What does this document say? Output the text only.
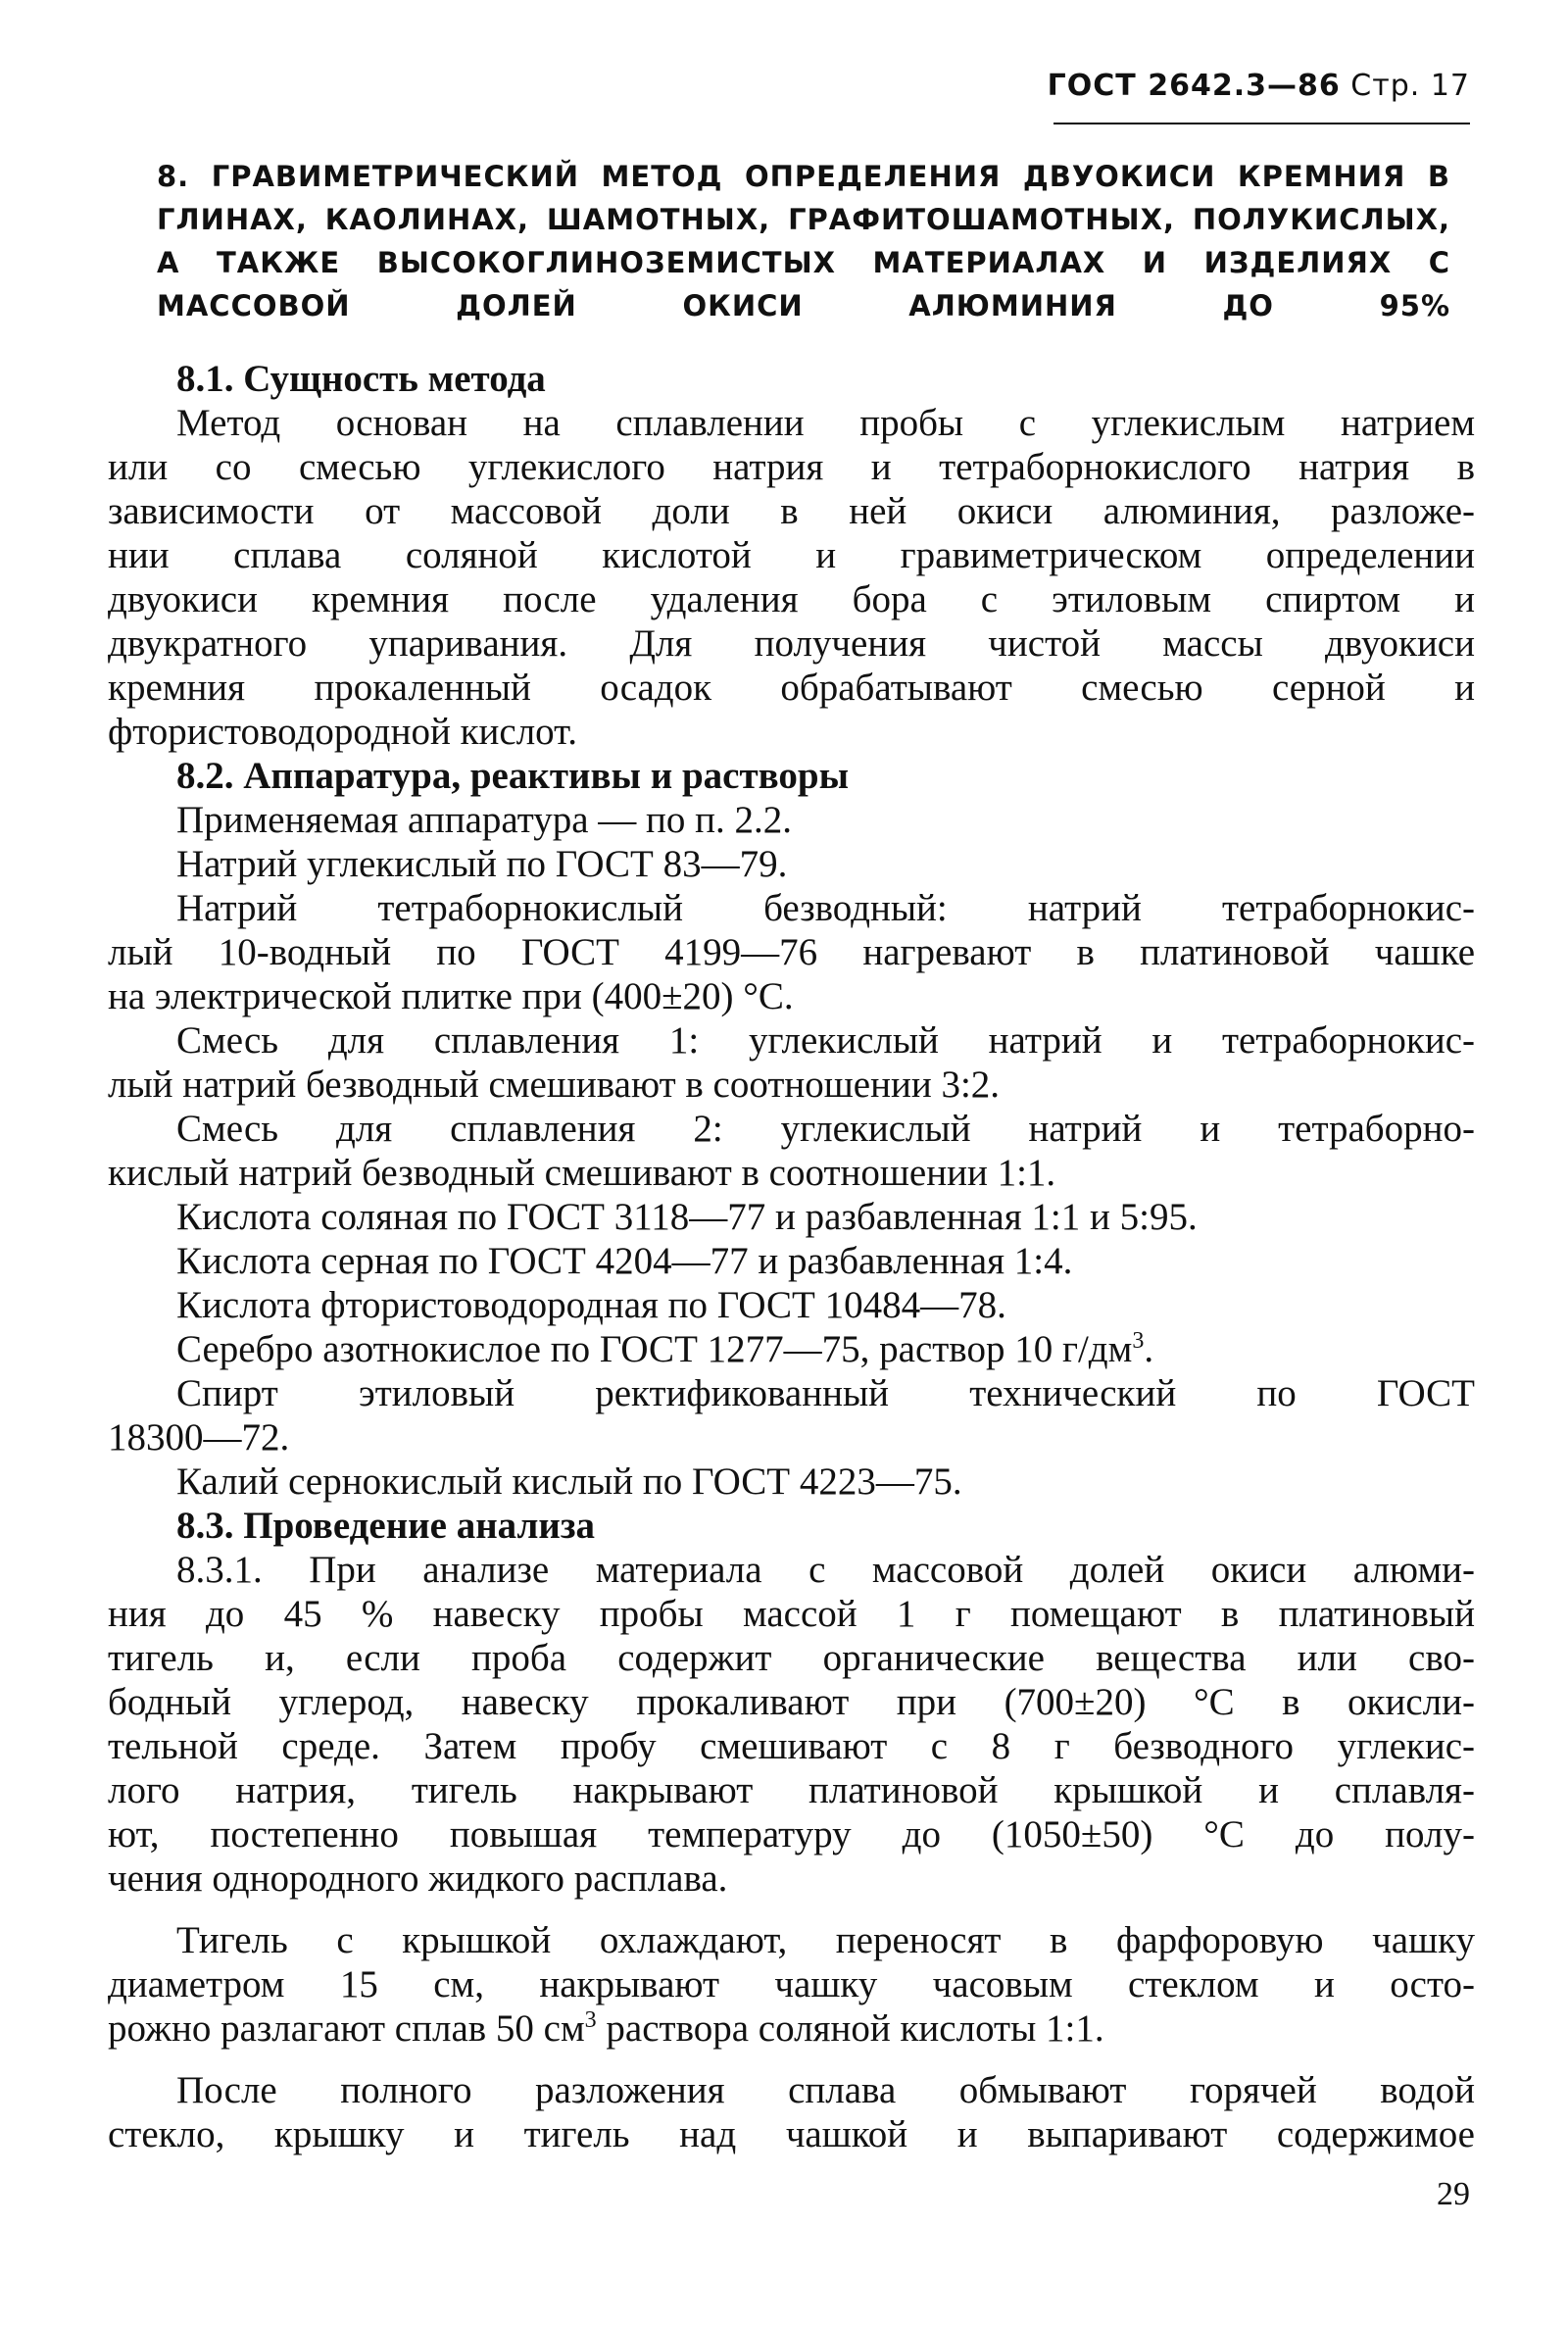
ГОСТ 2642.3—86 Стр. 17
8. ГРАВИМЕТРИЧЕСКИЙ МЕТОД ОПРЕДЕЛЕНИЯ ДВУОКИСИ КРЕМНИЯ В
ГЛИНАХ, КАОЛИНАХ, ШАМОТНЫХ, ГРАФИТОШАМОТНЫХ, ПОЛУКИСЛЫХ,
А ТАКЖЕ ВЫСОКОГЛИНОЗЕМИСТЫХ МАТЕРИАЛАХ И ИЗДЕЛИЯХ С
МАССОВОЙ ДОЛЕЙ ОКИСИ АЛЮМИНИЯ ДО 95%
8.1. Сущность метода
Метод основан на сплавлении пробы с углекислым натрием
или со смесью углекислого натрия и тетраборнокислого натрия в
зависимости от массовой доли в ней окиси алюминия, разложе-
нии сплава соляной кислотой и гравиметрическом определении
двуокиси кремния после удаления бора с этиловым спиртом и
двукратного упаривания. Для получения чистой массы двуокиси
кремния прокаленный осадок обрабатывают смесью серной и
фтористоводородной кислот.
8.2. Аппаратура, реактивы и растворы
Применяемая аппаратура — по п. 2.2.
Натрий углекислый по ГОСТ 83—79.
Натрий тетраборнокислый безводный: натрий тетраборнокис-
лый 10-водный по ГОСТ 4199—76 нагревают в платиновой чашке
на электрической плитке при (400±20) °С.
Смесь для сплавления 1: углекислый натрий и тетраборнокис-
лый натрий безводный смешивают в соотношении 3:2.
Смесь для сплавления 2: углекислый натрий и тетраборно-
кислый натрий безводный смешивают в соотношении 1:1.
Кислота соляная по ГОСТ 3118—77 и разбавленная 1:1 и 5:95.
Кислота серная по ГОСТ 4204—77 и разбавленная 1:4.
Кислота фтористоводородная по ГОСТ 10484—78.
Серебро азотнокислое по ГОСТ 1277—75, раствор 10 $г/дм^3$.
Спирт этиловый ректификованный технический по ГОСТ
18300—72.
Калий сернокислый кислый по ГОСТ 4223—75.
8.3. Проведение анализа
8.3.1. При анализе материала с массовой долей окиси алюми-
ния до 45 % навеску пробы массой 1 г помещают в платиновый
тигель и, если проба содержит органические вещества или сво-
бодный углерод, навеску прокаливают при (700±20) °С в окисли-
тельной среде. Затем пробу смешивают с 8 г безводного углекис-
лого натрия, тигель накрывают платиновой крышкой и сплавля-
ют, постепенно повышая температуру до (1050±50) °С до полу-
чения однородного жидкого расплава.
Тигель с крышкой охлаждают, переносят в фарфоровую чашку
диаметром 15 см, накрывают чашку часовым стеклом и осто-
рожно разлагают сплав 50 $см^3$ раствора соляной кислоты 1:1.
После полного разложения сплава обмывают горячей водой
стекло, крышку и тигель над чашкой и выпаривают содержимое
29
